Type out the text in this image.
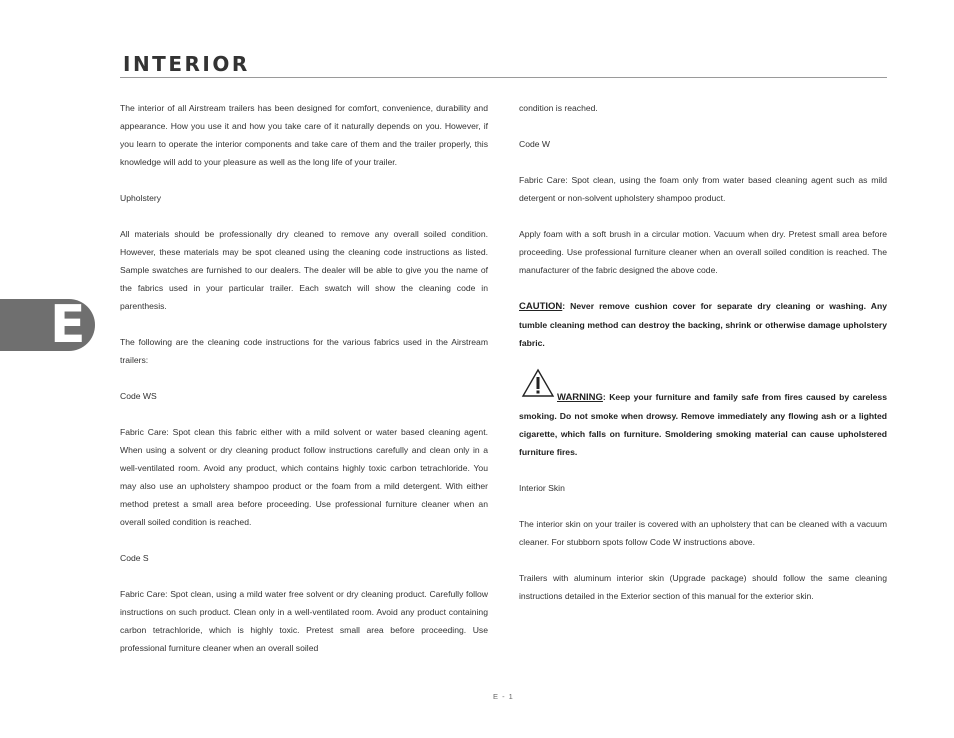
INTERIOR
E

The interior of all Airstream trailers has been designed for comfort, convenience, durability and appearance. How you use it and how you take care of it naturally depends on you. However, if you learn to operate the interior components and take care of them and the trailer properly, this knowledge will add to your pleasure as well as the long life of your trailer.

Upholstery

All materials should be professionally dry cleaned to remove any overall soiled condition. However, these materials may be spot cleaned using the cleaning code instructions as listed. Sample swatches are furnished to our dealers. The dealer will be able to give you the name of the fabrics used in your particular trailer. Each swatch will show the cleaning code in parenthesis.

The following are the cleaning code instructions for the various fabrics used in the Airstream trailers:

Code WS

Fabric Care: Spot clean this fabric either with a mild solvent or water based cleaning agent. When using a solvent or dry cleaning product follow instructions carefully and clean only in a well-ventilated room. Avoid any product, which contains highly toxic carbon tetrachloride. You may also use an upholstery shampoo product or the foam from a mild detergent. With either method pretest a small area before proceeding. Use professional furniture cleaner when an overall soiled condition is reached.

Code S

Fabric Care: Spot clean, using a mild water free solvent or dry cleaning product. Carefully follow instructions on such product. Clean only in a well-ventilated room. Avoid any product containing carbon tetrachloride, which is highly toxic. Pretest small area before proceeding. Use professional furniture cleaner when an overall soiled

condition is reached.

Code W

Fabric Care: Spot clean, using the foam only from water based cleaning agent such as mild detergent or non-solvent upholstery shampoo product.

Apply foam with a soft brush in a circular motion. Vacuum when dry. Pretest small area before proceeding. Use professional furniture cleaner when an overall soiled condition is reached. The manufacturer of the fabric designed the above code.

CAUTION: Never remove cushion cover for separate dry cleaning or washing. Any tumble cleaning method can destroy the backing, shrink or otherwise damage upholstery fabric.

WARNING: Keep your furniture and family safe from fires caused by careless smoking. Do not smoke when drowsy. Remove immediately any flowing ash or a lighted cigarette, which falls on furniture. Smoldering smoking material can cause upholstered furniture fires.

Interior Skin

The interior skin on your trailer is covered with an upholstery that can be cleaned with a vacuum cleaner. For stubborn spots follow Code W instructions above.

Trailers with aluminum interior skin (Upgrade package) should follow the same cleaning instructions detailed in the Exterior section of this manual for the exterior skin.

E - 1
